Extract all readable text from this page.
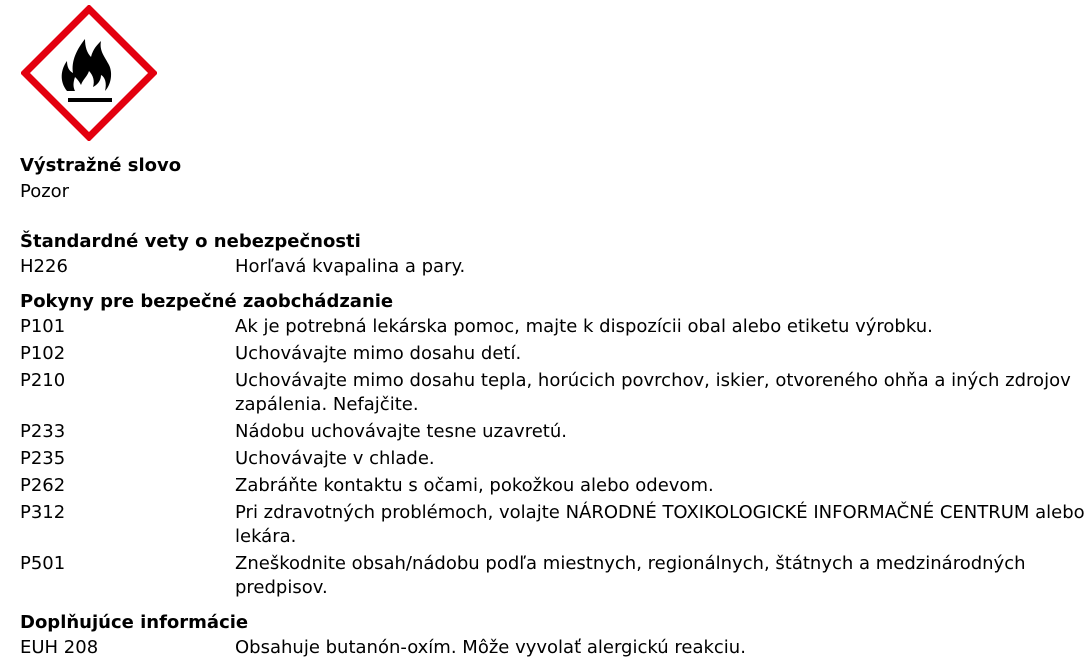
Výstražné slovo
Pozor
Štandardné vety o nebezpečnosti
H226	Horľavá kvapalina a pary.
Pokyny pre bezpečné zaobchádzanie
P101	Ak je potrebná lekárska pomoc, majte k dispozícii obal alebo etiketu výrobku.
P102	Uchovávajte mimo dosahu detí.
P210	Uchovávajte mimo dosahu tepla, horúcich povrchov, iskier, otvoreného ohňa a iných zdrojov zapálenia. Nefajčite.
P233	Nádobu uchovávajte tesne uzavretú.
P235	Uchovávajte v chlade.
P262	Zabráňte kontaktu s očami, pokožkou alebo odevom.
P312	Pri zdravotných problémoch, volajte NÁRODNÉ TOXIKOLOGICKÉ INFORMAČNÉ CENTRUM alebo lekára.
P501	Zneškodnite obsah/nádobu podľa miestnych, regionálnych, štátnych a medzinárodných predpisov.
Doplňujúce informácie
EUH 208	Obsahuje butanón-oxím. Môže vyvolať alergickú reakciu.
